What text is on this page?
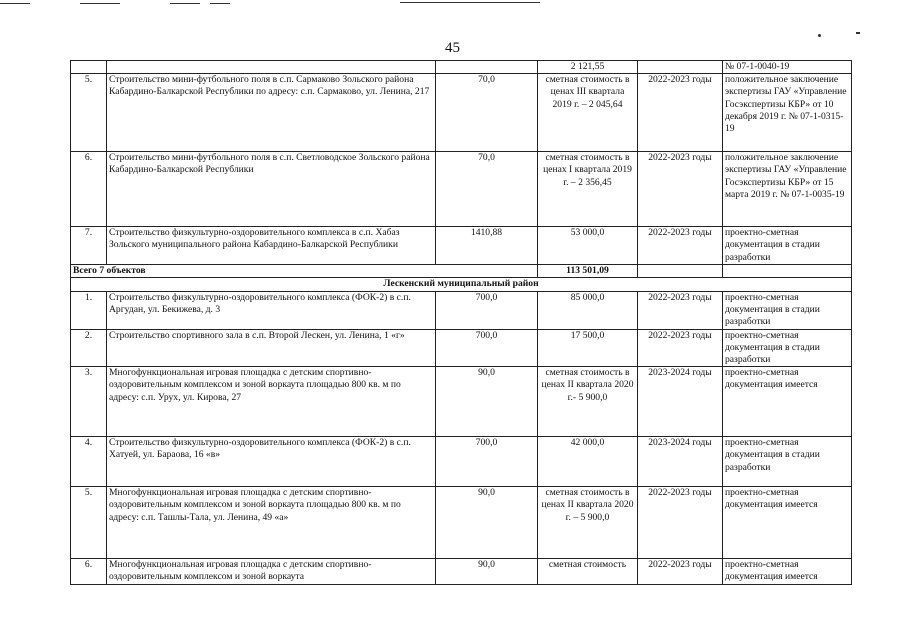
45
			2 121,55		№ 07-1-0040-19
5.	Строительство мини-футбольного поля в с.п. Сармаково Зольского района Кабардино-Балкарской Республики по адресу: с.п. Сармаково, ул. Ленина, 217	70,0	сметная стоимость в ценах III квартала 2019 г. – 2 045,64	2022-2023 годы	положительное заключение экспертизы ГАУ «Управление Госэкспертизы КБР» от 10 декабря 2019 г. № 07-1-0315-19
6.	Строительство мини-футбольного поля в с.п. Светловодское Зольского района Кабардино-Балкарской Республики	70,0	сметная стоимость в ценах I квартала 2019 г. – 2 356,45	2022-2023 годы	положительное заключение экспертизы ГАУ «Управление Госэкспертизы КБР» от 15 марта 2019 г. № 07-1-0035-19
7.	Строительство физкультурно-оздоровительного комплекса в с.п. Хабаз Зольского муниципального района Кабардино-Балкарской Республики	1410,88	53 000,0	2022-2023 годы	проектно-сметная документация в стадии разработки
Всего 7 объектов			113 501,09		
Лескенский муниципальный район					
1.	Строительство физкультурно-оздоровительного комплекса (ФОК-2) в с.п. Аргудан, ул. Бекижева, д. 3	700,0	85 000,0	2022-2023 годы	проектно-сметная документация в стадии разработки
2.	Строительство спортивного зала в с.п. Второй Лескен, ул. Ленина, 1 «г»	700,0	17 500,0	2022-2023 годы	проектно-сметная документация в стадии разработки
3.	Многофункциональная игровая площадка с детским спортивно- оздоровительным комплексом и зоной воркаута площадью 800 кв. м по адресу: с.п. Урух, ул. Кирова, 27	90,0	сметная стоимость в ценах II квартала 2020 г.- 5 900,0	2023-2024 годы	проектно-сметная документация имеется
4.	Строительство физкультурно-оздоровительного комплекса (ФОК-2) в с.п. Хатуей, ул. Бараова, 16 «в»	700,0	42 000,0	2023-2024 годы	проектно-сметная документация в стадии разработки
5.	Многофункциональная игровая площадка с детским спортивно-оздоровительным комплексом и зоной воркаута площадью 800 кв. м по адресу: с.п. Ташлы-Тала, ул. Ленина, 49 «а»	90,0	сметная стоимость в ценах II квартала 2020 г. – 5 900,0	2022-2023 годы	проектно-сметная документация имеется
6.	Многофункциональная игровая площадка с детским спортивно-оздоровительным комплексом и зоной воркаута	90,0	сметная стоимость	2022-2023 годы	проектно-сметная документация имеется
